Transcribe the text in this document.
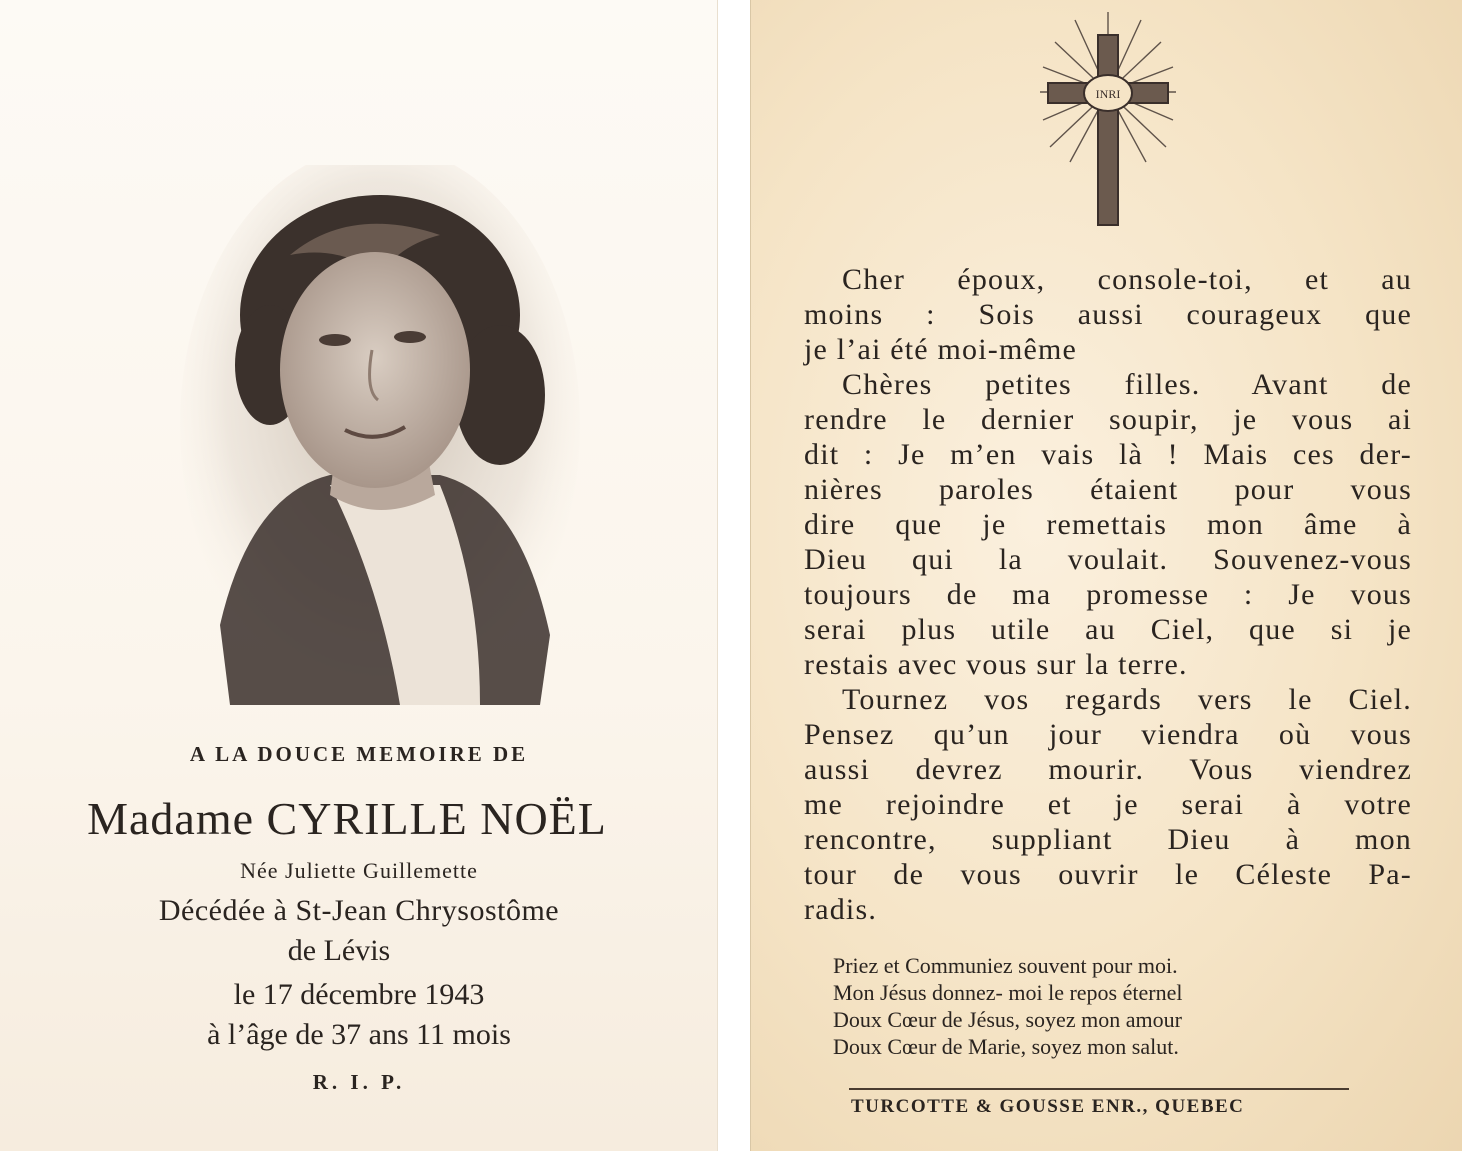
A LA DOUCE MEMOIRE DE
Madame CYRILLE NOËL
Née Juliette Guillemette
Décédée à St-Jean Chrysostôme
de Lévis
le 17 décembre 1943
à l’âge de 37 ans 11 mois
R. I. P.
INRI
Cher époux, console-toi, et au
moins : Sois aussi courageux que
je l’ai été moi-même
Chères petites filles. Avant de
rendre le dernier soupir, je vous ai
dit : Je m’en vais là ! Mais ces der-
nières paroles étaient pour vous
dire que je remettais mon âme à
Dieu qui la voulait. Souvenez-vous
toujours de ma promesse : Je vous
serai plus utile au Ciel, que si je
restais avec vous sur la terre.
Tournez vos regards vers le Ciel.
Pensez qu’un jour viendra où vous
aussi devrez mourir. Vous viendrez
me rejoindre et je serai à votre
rencontre, suppliant Dieu à mon
tour de vous ouvrir le Céleste Pa-
radis.
Priez et Communiez souvent pour moi.
Mon Jésus donnez- moi le repos éternel
Doux Cœur de Jésus, soyez mon amour
Doux Cœur de Marie, soyez mon salut.
TURCOTTE & GOUSSE ENR., QUEBEC
